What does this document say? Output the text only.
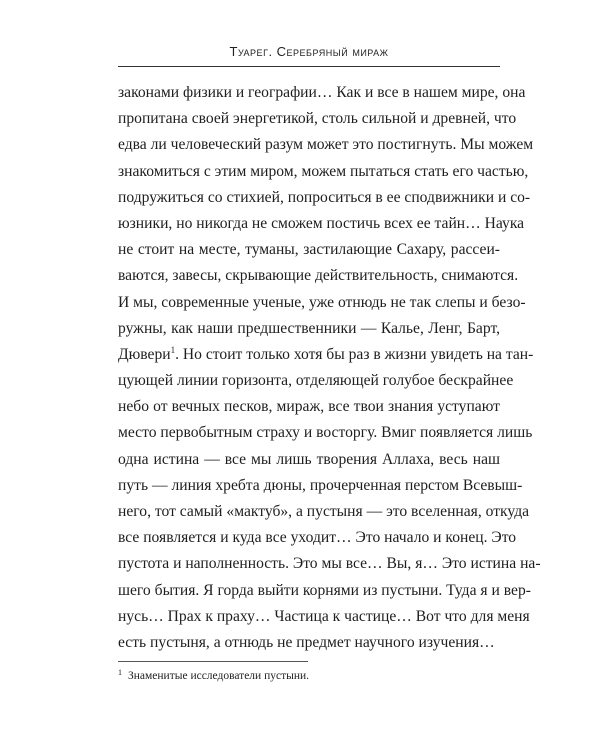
Туарег. Серебряный мираж
законами физики и географии… Как и все в нашем мире, она
пропитана своей энергетикой, столь сильной и древней, что
едва ли человеческий разум может это постигнуть. Мы можем
знакомиться с этим миром, можем пытаться стать его частью,
подружиться со стихией, попроситься в ее сподвижники и со-
юзники, но никогда не сможем постичь всех ее тайн… Наука
не стоит на месте, туманы, застилающие Сахару, рассеи-
ваются, завесы, скрывающие действительность, снимаются.
И мы, современные ученые, уже отнюдь не так слепы и безо-
ружны, как наши предшественники — Кальe, Ленг, Барт,
Дювери$^1$. Но стоит только хотя бы раз в жизни увидеть на тан-
цующей линии горизонта, отделяющей голубое бескрайнее
небо от вечных песков, мираж, все твои знания уступают
место первобытным страху и восторгу. Вмиг появляется лишь
одна истина — все мы лишь творения Аллаха, весь наш
путь — линия хребта дюны, прочерченная перстом Всевыш-
него, тот самый «мактуб», а пустыня — это вселенная, откуда
все появляется и куда все уходит… Это начало и конец. Это
пустота и наполненность. Это мы все… Вы, я… Это истина на-
шего бытия. Я горда выйти корнями из пустыни. Туда я и вер-
нусь… Прах к праху… Частица к частице… Вот что для меня
есть пустыня, а отнюдь не предмет научного изучения…
$^1$ Знаменитые исследователи пустыни.
